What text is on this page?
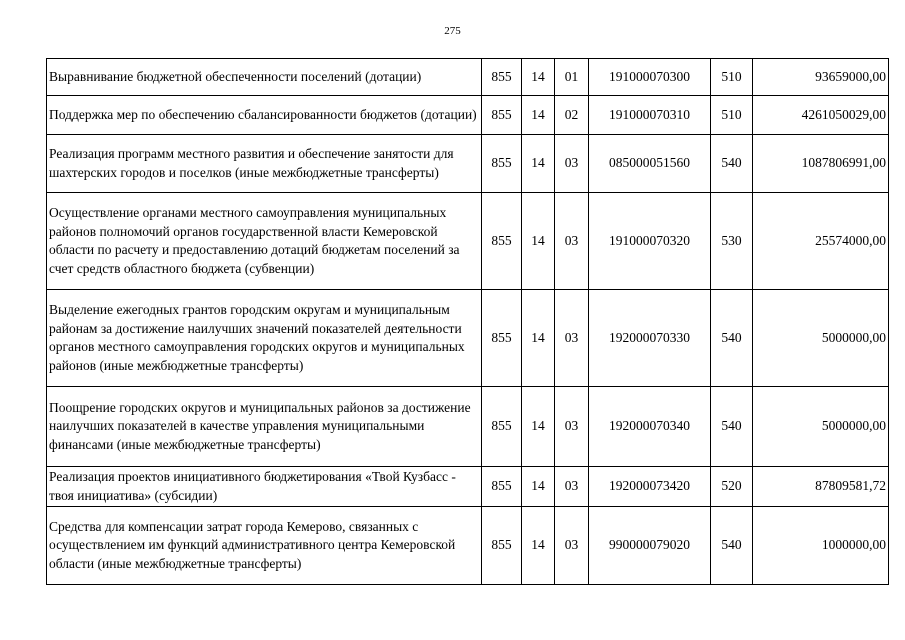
275
Выравнивание бюджетной обеспеченности поселений (дотации)	855	14	01	191000070300	510	93659000,00
Поддержка мер по обеспечению сбалансированности бюджетов (дотации)	855	14	02	191000070310	510	4261050029,00
Реализация программ местного развития и обеспечение занятости для шахтерских городов и поселков (иные межбюджетные трансферты)	855	14	03	085000051560	540	1087806991,00
Осуществление органами местного самоуправления муниципальных районов полномочий органов государственной власти Кемеровской области по расчету и предоставлению дотаций бюджетам поселений за счет средств областного бюджета (субвенции)	855	14	03	191000070320	530	25574000,00
Выделение ежегодных грантов городским округам и муниципальным районам за достижение наилучших значений показателей деятельности органов местного самоуправления городских округов и муниципальных районов (иные межбюджетные трансферты)	855	14	03	192000070330	540	5000000,00
Поощрение городских округов и муниципальных районов за достижение наилучших показателей в качестве управления муниципальными финансами (иные межбюджетные трансферты)	855	14	03	192000070340	540	5000000,00
Реализация проектов инициативного бюджетирования «Твой Кузбасс - твоя инициатива» (субсидии)	855	14	03	192000073420	520	87809581,72
Средства для компенсации затрат города Кемерово, связанных с осуществлением им функций административного центра Кемеровской области (иные межбюджетные трансферты)	855	14	03	990000079020	540	1000000,00
